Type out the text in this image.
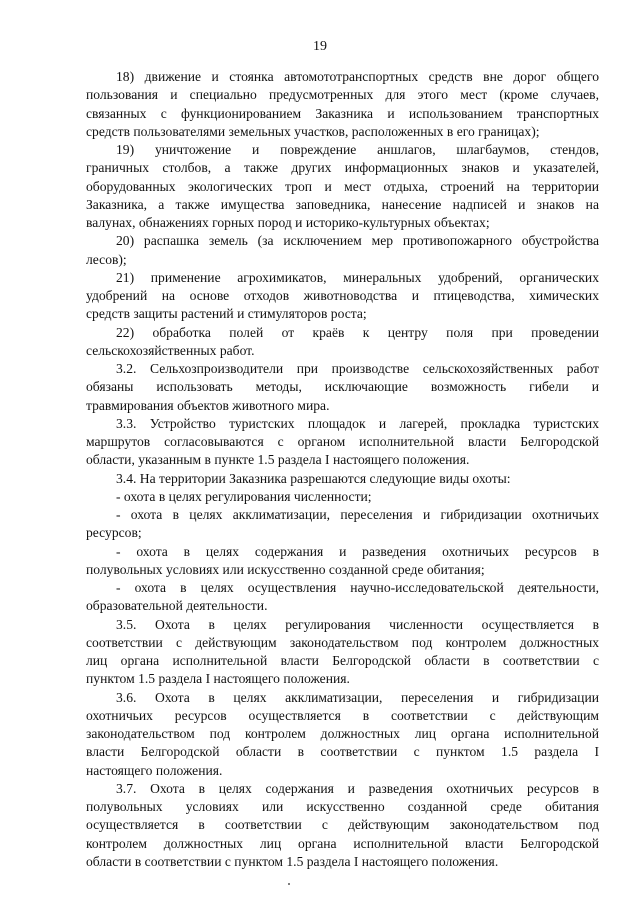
19
18) движение и стоянка автомототранспортных средств вне дорог общего
пользования и специально предусмотренных для этого мест (кроме случаев,
связанных с функционированием Заказника и использованием транспортных
средств пользователями земельных участков, расположенных в его границах);
19) уничтожение и повреждение аншлагов, шлагбаумов, стендов,
граничных столбов, а также других информационных знаков и указателей,
оборудованных экологических троп и мест отдыха, строений на территории
Заказника, а также имущества заповедника, нанесение надписей и знаков на
валунах, обнажениях горных пород и историко-культурных объектах;
20) распашка земель (за исключением мер противопожарного обустройства
лесов);
21) применение агрохимикатов, минеральных удобрений, органических
удобрений на основе отходов животноводства и птицеводства, химических
средств защиты растений и стимуляторов роста;
22) обработка полей от краёв к центру поля при проведении
сельскохозяйственных работ.
3.2. Сельхозпроизводители при производстве сельскохозяйственных работ
обязаны использовать методы, исключающие возможность гибели и
травмирования объектов животного мира.
3.3. Устройство туристских площадок и лагерей, прокладка туристских
маршрутов согласовываются с органом исполнительной власти Белгородской
области, указанным в пункте 1.5 раздела I настоящего положения.
3.4. На территории Заказника разрешаются следующие виды охоты:
- охота в целях регулирования численности;
- охота в целях акклиматизации, переселения и гибридизации охотничьих
ресурсов;
- охота в целях содержания и разведения охотничьих ресурсов в
полувольных условиях или искусственно созданной среде обитания;
- охота в целях осуществления научно-исследовательской деятельности,
образовательной деятельности.
3.5. Охота в целях регулирования численности осуществляется в
соответствии с действующим законодательством под контролем должностных
лиц органа исполнительной власти Белгородской области в соответствии с
пунктом 1.5 раздела I настоящего положения.
3.6. Охота в целях акклиматизации, переселения и гибридизации
охотничьих ресурсов осуществляется в соответствии с действующим
законодательством под контролем должностных лиц органа исполнительной
власти Белгородской области в соответствии с пунктом 1.5 раздела I
настоящего положения.
3.7. Охота в целях содержания и разведения охотничьих ресурсов в
полувольных условиях или искусственно созданной среде обитания
осуществляется в соответствии с действующим законодательством под
контролем должностных лиц органа исполнительной власти Белгородской
области в соответствии с пунктом 1.5 раздела I настоящего положения.
